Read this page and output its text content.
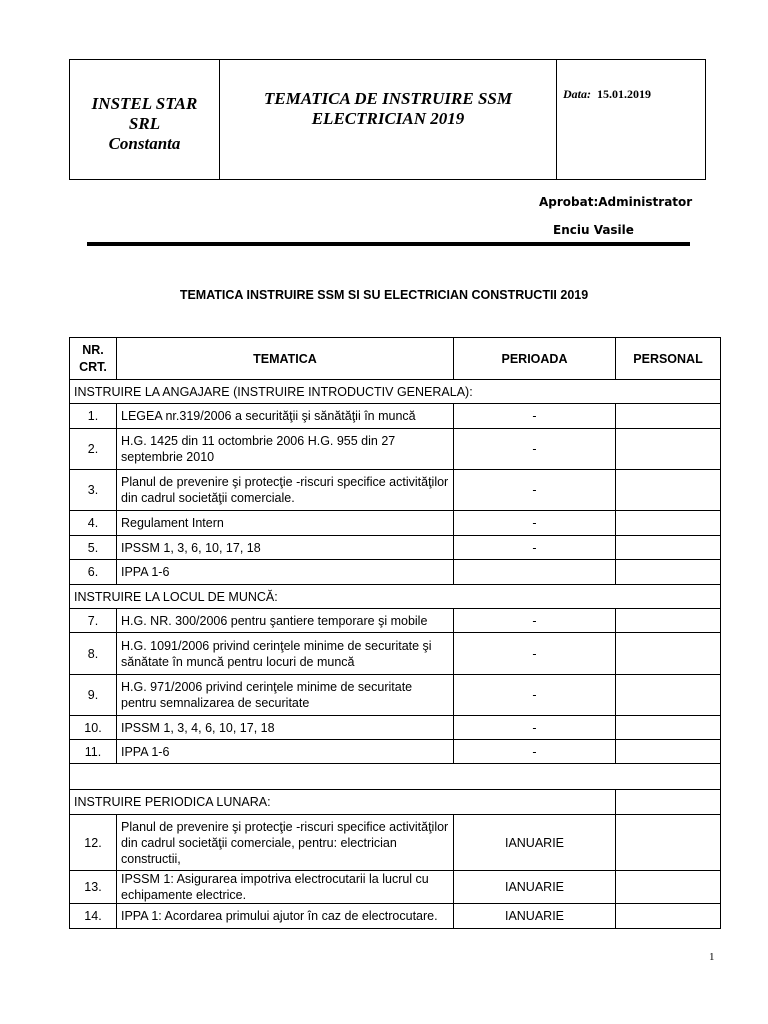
INSTEL STAR
SRL
Constanta
TEMATICA DE INSTRUIRE SSM
ELECTRICIAN 2019
Data: 15.01.2019
Aprobat:Administrator
Enciu Vasile
TEMATICA INSTRUIRE SSM SI SU ELECTRICIAN CONSTRUCTII 2019
NR.
CRT.	TEMATICA	PERIOADA	PERSONAL
INSTRUIRE LA ANGAJARE (INSTRUIRE INTRODUCTIV GENERALA):			
1.	LEGEA nr.319/2006 a securităţii şi sănătăţii în muncă	-	
2.	H.G. 1425 din 11 octombrie 2006 H.G. 955 din 27 septembrie 2010	-	
3.	Planul de prevenire şi protecţie -riscuri specifice activităţilor din cadrul societăţii comerciale.	-	
4.	Regulament Intern	-	
5.	IPSSM 1, 3, 6, 10, 17, 18	-	
6.	IPPA 1-6		
INSTRUIRE LA LOCUL DE MUNCĂ:			
7.	H.G. NR. 300/2006 pentru şantiere temporare şi mobile	-	
8.	H.G. 1091/2006 privind cerinţele minime de securitate şi sănătate în muncă pentru locuri de muncă	-	
9.	H.G. 971/2006 privind cerinţele minime de securitate pentru semnalizarea de securitate	-	
10.	IPSSM 1, 3, 4, 6, 10, 17, 18	-	
11.	IPPA 1-6	-	

INSTRUIRE PERIODICA LUNARA:			
12.	Planul de prevenire şi protecţie -riscuri specifice activităţilor din cadrul societăţii comerciale, pentru: electrician constructii,	IANUARIE	
13.	IPSSM 1: Asigurarea impotriva electrocutarii la lucrul cu echipamente electrice.	IANUARIE	
14.	IPPA 1: Acordarea primului ajutor în caz de electrocutare.	IANUARIE	
1
